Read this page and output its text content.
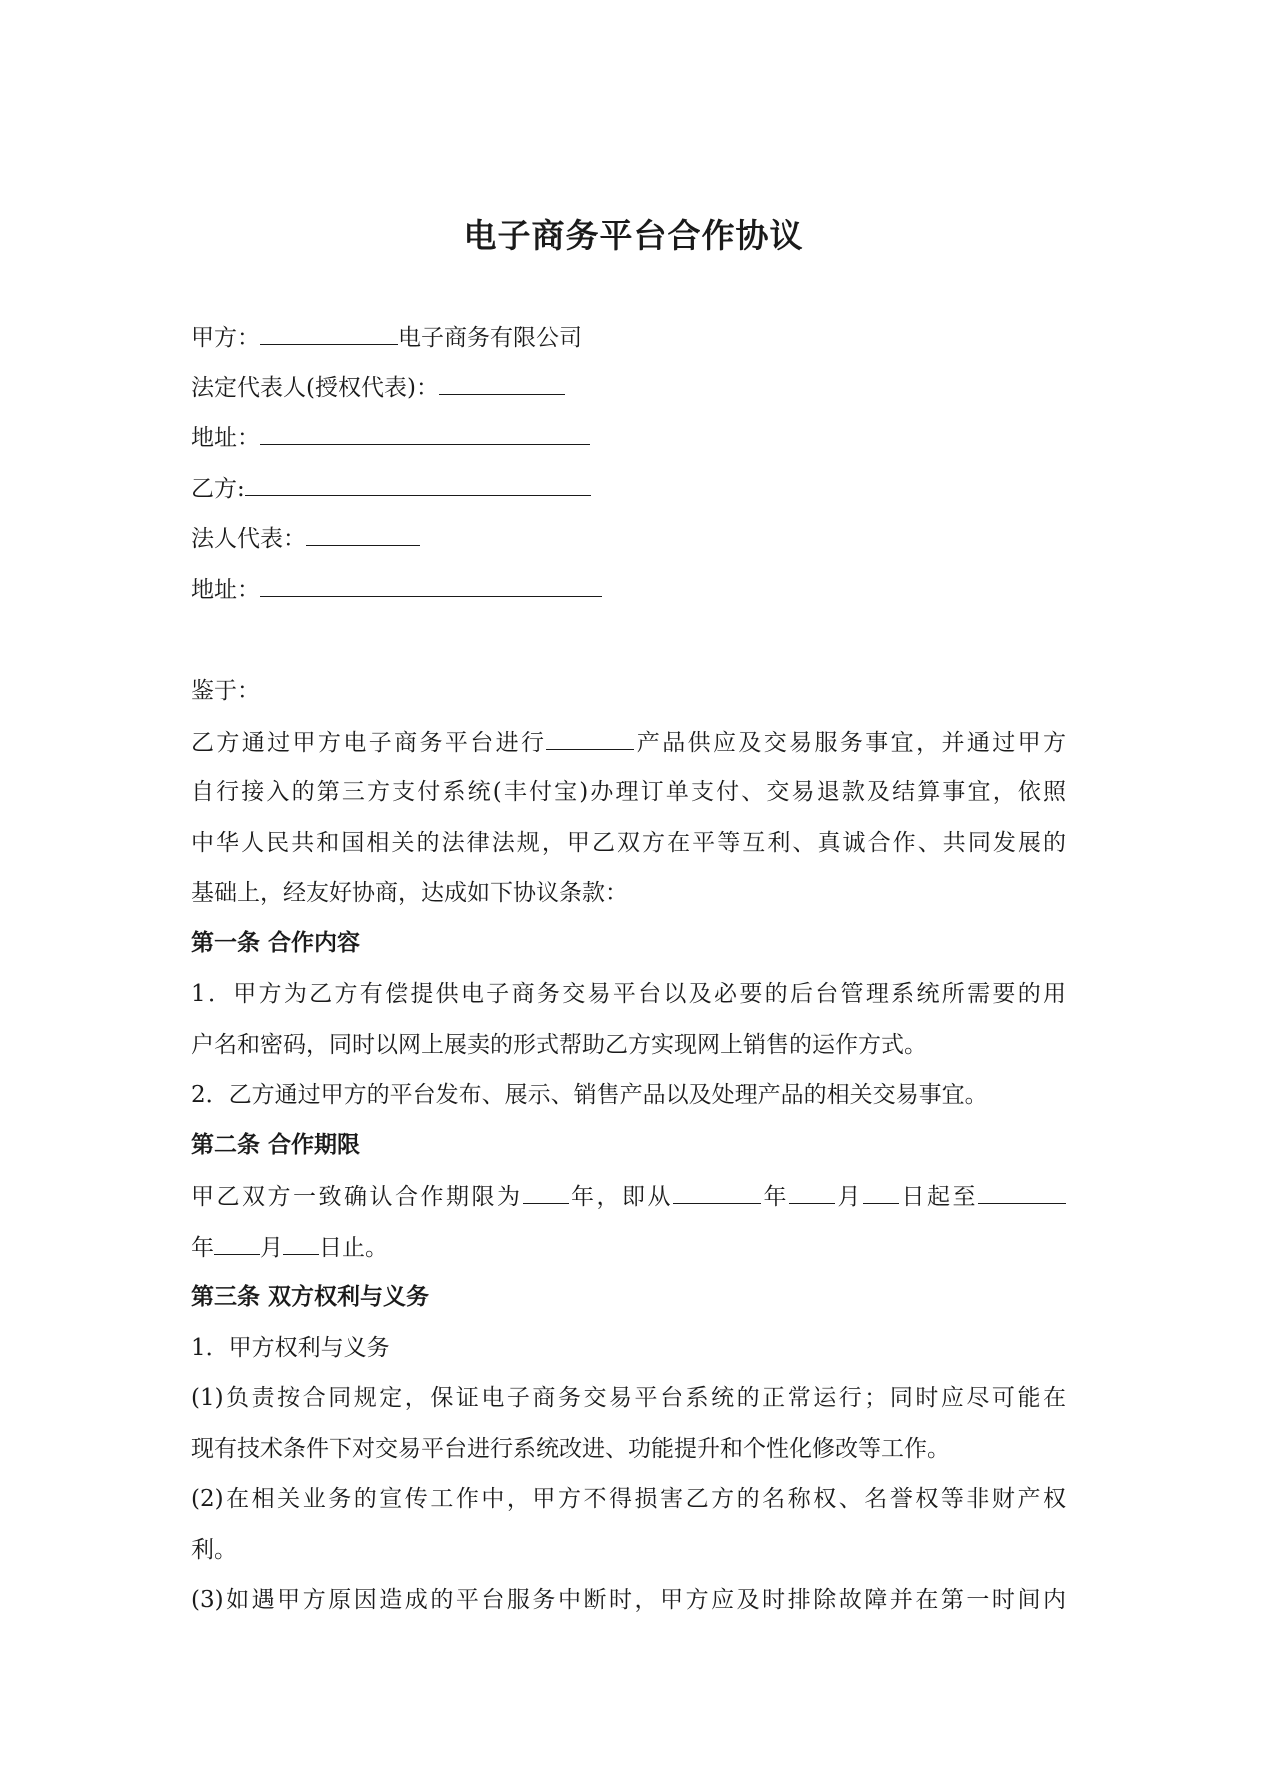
电子商务平台合作协议
甲方：	电子商务有限公司
法定代表人(授权代表)：
地址：
乙方:
法人代表：
地址：
鉴于：
乙方通过甲方电子商务平台进行	产品供应及交易服务事宜，并通过甲方
自行接入的第三方支付系统(丰付宝)办理订单支付、交易退款及结算事宜，依照
中华人民共和国相关的法律法规，甲乙双方在平等互利、真诚合作、共同发展的
基础上，经友好协商，达成如下协议条款：
第一条 合作内容
1．甲方为乙方有偿提供电子商务交易平台以及必要的后台管理系统所需要的用
户名和密码，同时以网上展卖的形式帮助乙方实现网上销售的运作方式。
2．乙方通过甲方的平台发布、展示、销售产品以及处理产品的相关交易事宜。
第二条 合作期限
甲乙双方一致确认合作期限为 年，即从	年 月 日起至
年 月 日止。
第三条 双方权利与义务
1．甲方权利与义务
(1)负责按合同规定，保证电子商务交易平台系统的正常运行；同时应尽可能在
现有技术条件下对交易平台进行系统改进、功能提升和个性化修改等工作。
(2)在相关业务的宣传工作中，甲方不得损害乙方的名称权、名誉权等非财产权
利。
(3)如遇甲方原因造成的平台服务中断时，甲方应及时排除故障并在第一时间内
